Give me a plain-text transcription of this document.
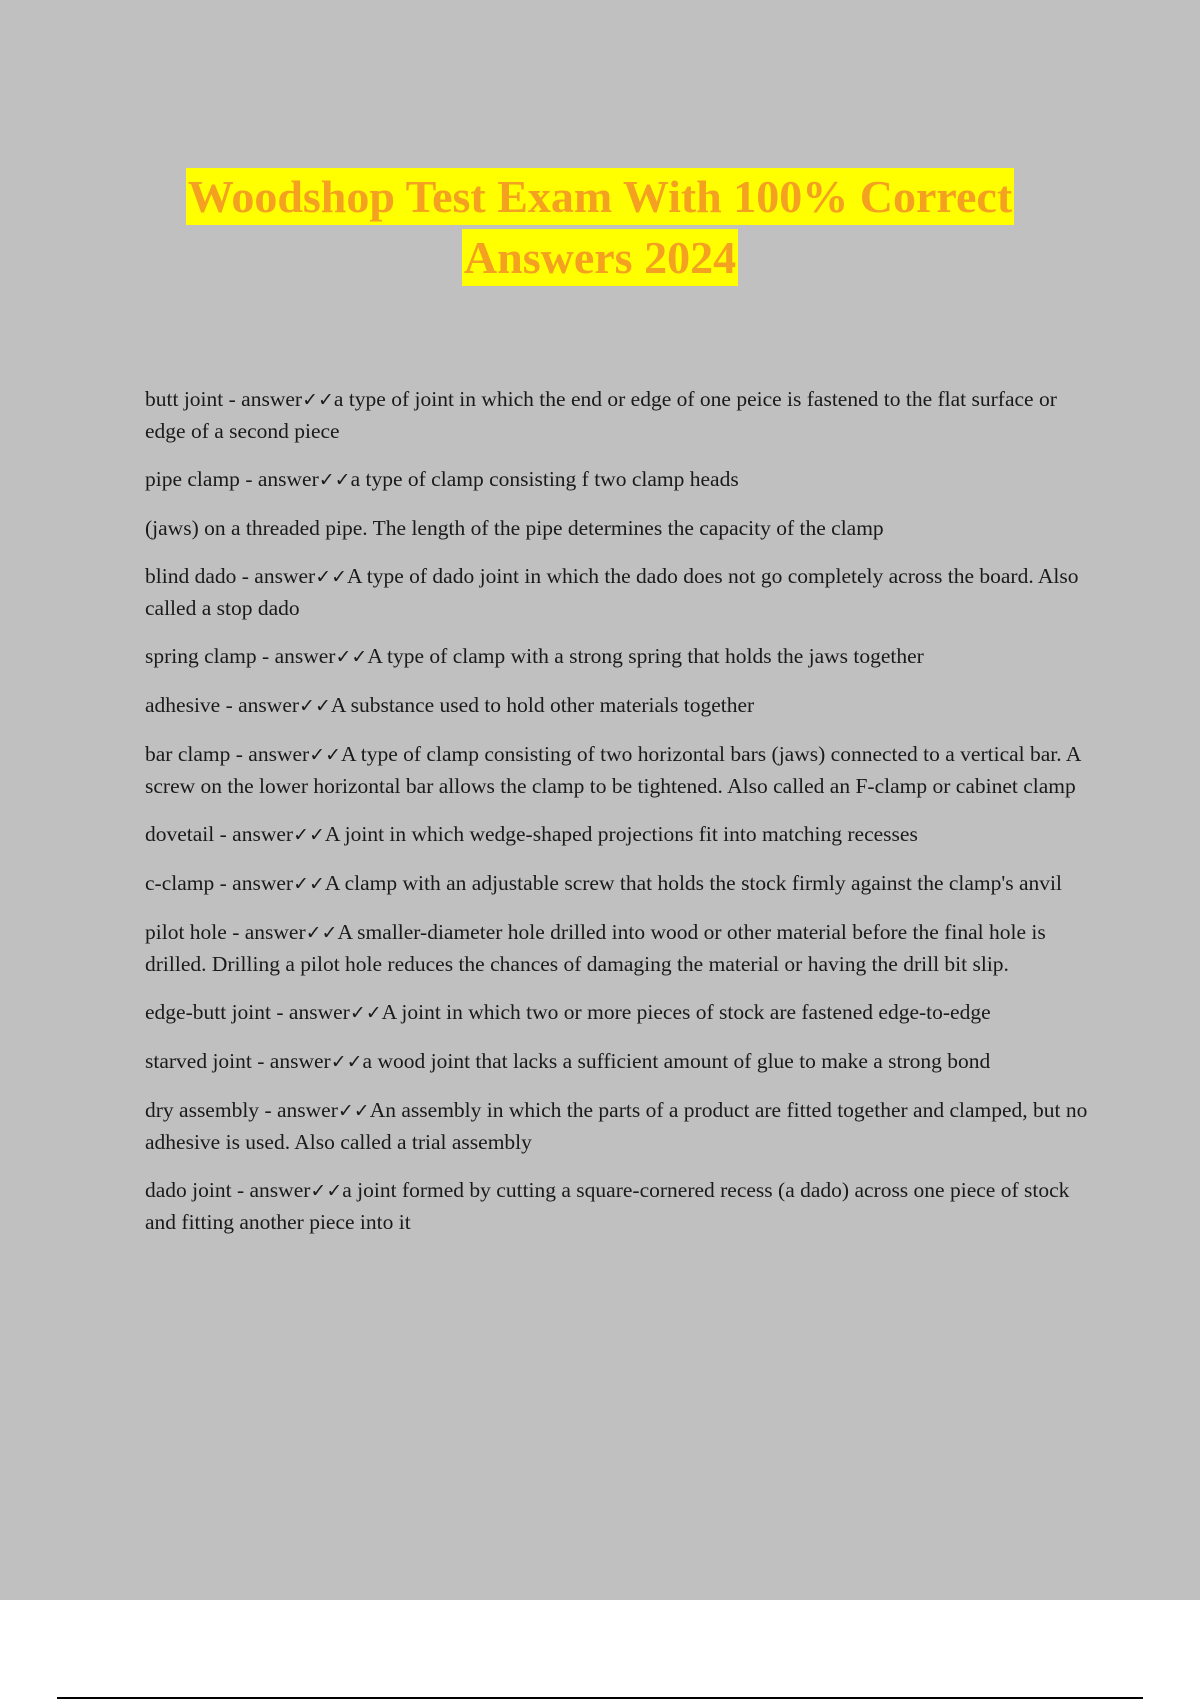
Woodshop Test Exam With 100% Correct
Answers 2024

butt joint - answer✓✓a type of joint in which the end or edge of one peice is fastened to the flat surface or edge of a second piece

pipe clamp - answer✓✓a type of clamp consisting f two clamp heads

(jaws) on a threaded pipe. The length of the pipe determines the capacity of the clamp

blind dado - answer✓✓A type of dado joint in which the dado does not go completely across the board. Also called a stop dado

spring clamp - answer✓✓A type of clamp with a strong spring that holds the jaws together

adhesive - answer✓✓A substance used to hold other materials together

bar clamp - answer✓✓A type of clamp consisting of two horizontal bars (jaws) connected to a vertical bar. A screw on the lower horizontal bar allows the clamp to be tightened. Also called an F-clamp or cabinet clamp

dovetail - answer✓✓A joint in which wedge-shaped projections fit into matching recesses

c-clamp - answer✓✓A clamp with an adjustable screw that holds the stock firmly against the clamp's anvil

pilot hole - answer✓✓A smaller-diameter hole drilled into wood or other material before the final hole is drilled. Drilling a pilot hole reduces the chances of damaging the material or having the drill bit slip.

edge-butt joint - answer✓✓A joint in which two or more pieces of stock are fastened edge-to-edge

starved joint - answer✓✓a wood joint that lacks a sufficient amount of glue to make a strong bond

dry assembly - answer✓✓An assembly in which the parts of a product are fitted together and clamped, but no adhesive is used. Also called a trial assembly

dado joint - answer✓✓a joint formed by cutting a square-cornered recess (a dado) across one piece of stock and fitting another piece into it
